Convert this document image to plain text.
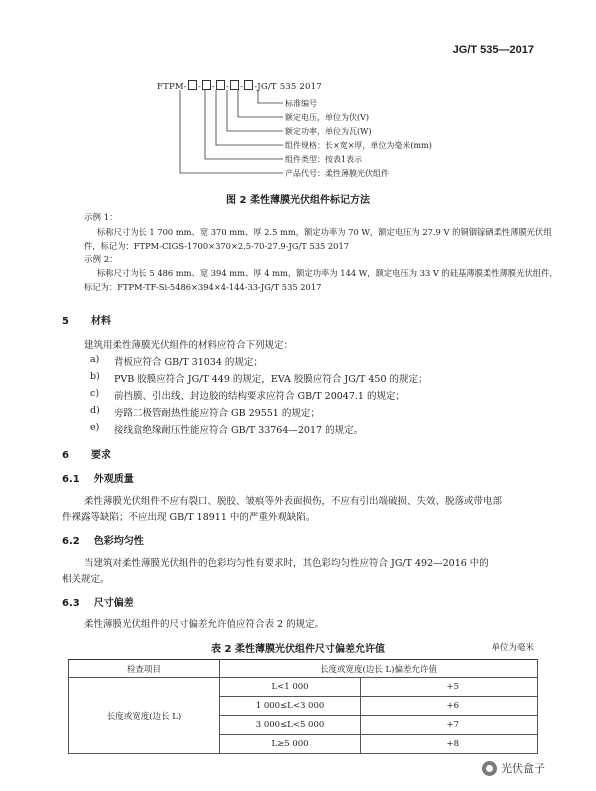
JG/T 535—2017
FTPM- - - - - -JG/T 535 2017
标准编号
额定电压，单位为伏(V)
额定功率，单位为瓦(W)
组件规格：长×宽×厚，单位为毫米(mm)
组件类型：按表1表示
产品代号：柔性薄膜光伏组件
图 2 柔性薄膜光伏组件标记方法
示例 1：
标称尺寸为长 1 700 mm、宽 370 mm、厚 2.5 mm，额定功率为 70 W，额定电压为 27.9 V 的铜铟镓硒柔性薄膜光伏组
件，标记为：FTPM-CIGS-1700×370×2.5-70-27.9-JG/T 535 2017
示例 2：
标称尺寸为长 5 486 mm、宽 394 mm、厚 4 mm，额定功率为 144 W，额定电压为 33 V 的硅基薄膜柔性薄膜光伏组件，
标记为：FTPM-TF-Si-5486×394×4-144-33-JG/T 535 2017
5 材料
建筑用柔性薄膜光伏组件的材料应符合下列规定：
a) 背板应符合 GB/T 31034 的规定；
b) PVB 胶膜应符合 JG/T 449 的规定，EVA 胶膜应符合 JG/T 450 的规定；
c) 前挡膜、引出线、封边胶的结构要求应符合 GB/T 20047.1 的规定；
d) 旁路二极管耐热性能应符合 GB 29551 的规定；
e) 接线盒绝缘耐压性能应符合 GB/T 33764—2017 的规定。
6 要求
6.1 外观质量
柔性薄膜光伏组件不应有裂口、脱胶、皱痕等外表面损伤，不应有引出端破损、失效、脱落或带电部
件裸露等缺陷；不应出现 GB/T 18911 中的严重外观缺陷。
6.2 色彩均匀性
当建筑对柔性薄膜光伏组件的色彩均匀性有要求时，其色彩均匀性应符合 JG/T 492—2016 中的
相关规定。
6.3 尺寸偏差
柔性薄膜光伏组件的尺寸偏差允许值应符合表 2 的规定。
表 2 柔性薄膜光伏组件尺寸偏差允许值	单位为毫米
检查项目	长度或宽度(边长 L)偏差允许值	
长度或宽度(边长 L)	L<1 000	+5
	1 000≤L<3 000	+6
	3 000≤L<5 000	+7
	L≥5 000	+8
光伏盒子
